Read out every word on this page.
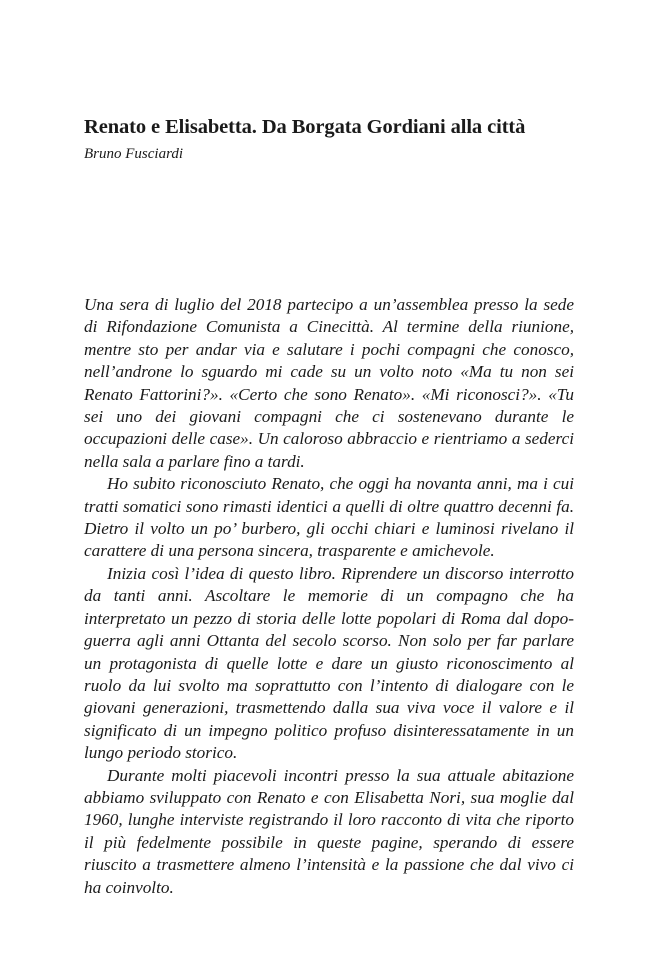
Renato e Elisabetta. Da Borgata Gordiani alla città
Bruno Fusciardi

Una sera di luglio del 2018 partecipo a un’assemblea presso la sede di Rifondazione Comunista a Cinecittà. Al termine della riunione, mentre sto per andar via e salutare i pochi compagni che conosco, nell’androne lo sguardo mi cade su un volto noto «Ma tu non sei Renato Fattorini?». «Certo che sono Renato». «Mi riconosci?». «Tu sei uno dei giovani compagni che ci sostenevano durante le occupazioni delle case». Un caloroso abbraccio e rientriamo a sederci nella sala a parlare fino a tardi.

Ho subito riconosciuto Renato, che oggi ha novanta anni, ma i cui tratti somatici sono rimasti identici a quelli di oltre quattro decenni fa. Dietro il volto un po’ burbero, gli occhi chiari e luminosi rivelano il carattere di una persona sincera, trasparente e amichevole.

Inizia così l’idea di questo libro. Riprendere un discorso interrotto da tanti anni. Ascoltare le memorie di un compagno che ha interpretato un pezzo di storia delle lotte popolari di Roma dal dopoguerra agli anni Ottanta del secolo scorso. Non solo per far parlare un protagonista di quelle lotte e dare un giusto riconoscimento al ruolo da lui svolto ma soprattutto con l’intento di dialogare con le giovani generazioni, trasmettendo dalla sua viva voce il valore e il significato di un impegno politico profuso disinteressatamente in un lungo periodo storico.

Durante molti piacevoli incontri presso la sua attuale abitazione abbiamo sviluppato con Renato e con Elisabetta Nori, sua moglie dal 1960, lunghe interviste registrando il loro racconto di vita che riporto il più fedelmente possibile in queste pagine, sperando di essere riuscito a trasmettere almeno l’intensità e la passione che dal vivo ci ha coinvolto.
